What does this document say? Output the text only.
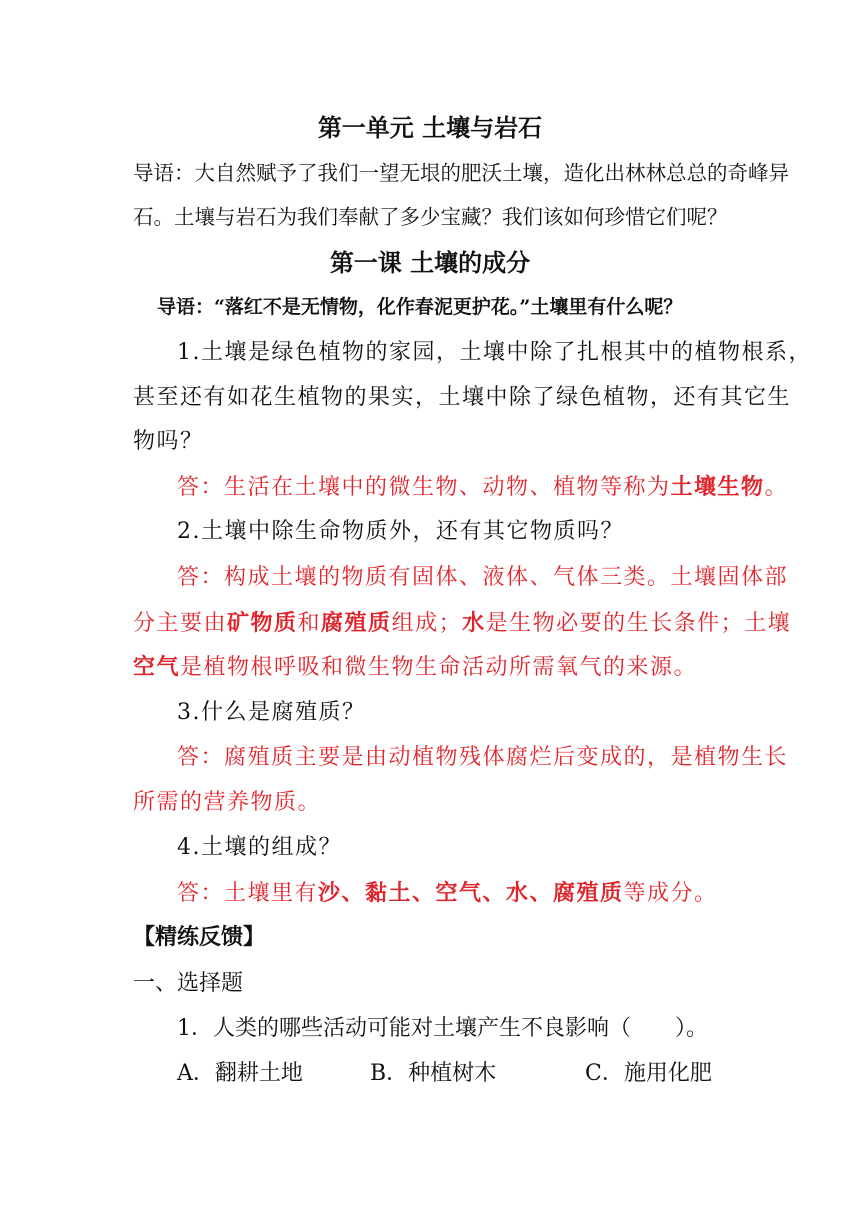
第一单元 土壤与岩石
导语：大自然赋予了我们一望无垠的肥沃土壤，造化出林林总总的奇峰异
石。土壤与岩石为我们奉献了多少宝藏？我们该如何珍惜它们呢？
第一课 土壤的成分
导语：“落红不是无情物，化作春泥更护花。”土壤里有什么呢？
1.土壤是绿色植物的家园，土壤中除了扎根其中的植物根系，
甚至还有如花生植物的果实，土壤中除了绿色植物，还有其它生
物吗？
答：生活在土壤中的微生物、动物、植物等称为土壤生物。
2.土壤中除生命物质外，还有其它物质吗？
答：构成土壤的物质有固体、液体、气体三类。土壤固体部
分主要由矿物质和腐殖质组成；水是生物必要的生长条件；土壤
空气是植物根呼吸和微生物生命活动所需氧气的来源。
3.什么是腐殖质？
答：腐殖质主要是由动植物残体腐烂后变成的，是植物生长
所需的营养物质。
4.土壤的组成？
答：土壤里有沙、黏土、空气、水、腐殖质等成分。
【精练反馈】
一、选择题
1．人类的哪些活动可能对土壤产生不良影响（　　）。
A．翻耕土地	B．种植树木	C．施用化肥
